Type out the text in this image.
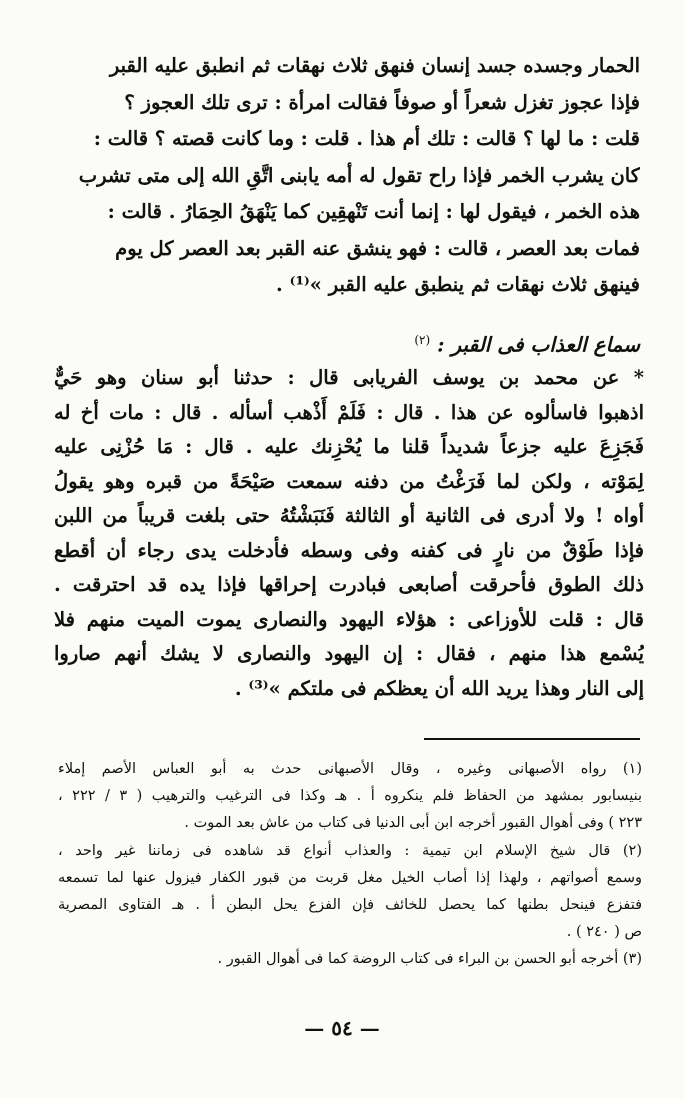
الحمار وجسده جسد إنسان فنهق ثلاث نهقات ثم انطبق عليه القبر

فإذا عجوز تغزل شعراً أو صوفاً فقالت امرأة : ترى تلك العجوز ؟

قلت : ما لها ؟ قالت : تلك أم هذا . قلت : وما كانت قصته ؟ قالت :

كان يشرب الخمر فإذا راح تقول له أمه يابنى اتَّقِ الله إلى متى تشرب

هذه الخمر ، فيقول لها : إنما أنت تَنْهقِين كما يَنْهَقُ الحِمَارُ . قالت :

فمات بعد العصر ، قالت : فهو ينشق عنه القبر بعد العصر كل يوم

فينهق ثلاث نهقات ثم ينطبق عليه القبر »⁽¹⁾ .

سماع العذاب فى القبر : $^{(٢)}$

* عن محمد بن يوسف الفريابى قال : حدثنا أبو سنان وهو حَيٌّ

اذهبوا فاسألوه عن هذا . قال : فَلَمْ أَذْهب أسأله . قال : مات أخ له

فَجَزِعَ عليه جزعاً شديداً قلنا ما يُحْزِنك عليه . قال : مَا حُزْنِى عليه

لِمَوْته ، ولكن لما فَرَغْتُ من دفنه سمعت صَيْحَةً من قبره وهو يقولُ

أواه ! ولا أدرى فى الثانية أو الثالثة فَنَبَشْتُهُ حتى بلغت قريباً من اللبن

فإذا طَوْقٌ من نارٍ فى كفنه وفى وسطه فأدخلت يدى رجاء أن أقطع

ذلك الطوق فأحرقت أصابعى فبادرت إحراقها فإذا يده قد احترقت .

قال : قلت للأوزاعى : هؤلاء اليهود والنصارى يموت الميت منهم فلا

يُسْمع هذا منهم ، فقال : إن اليهود والنصارى لا يشك أنهم صاروا

إلى النار وهذا يريد الله أن يعظكم فى ملتكم »⁽³⁾ .

(١) رواه الأصبهانى وغيره ، وقال الأصبهانى حدث به أبو العباس الأصم إملاء

بنيسابور بمشهد من الحفاظ فلم ينكروه أ . هـ وكذا فى الترغيب والترهيب ( ٣ / ٢٢٢ ،

٢٢٣ ) وفى أهوال القبور أخرجه ابن أبى الدنيا فى كتاب من عاش بعد الموت .

(٢) قال شيخ الإسلام ابن تيمية : والعذاب أنواع قد شاهده فى زماننا غير واحد ،

وسمع أصواتهم ، ولهذا إذا أصاب الخيل مغل قربت من قبور الكفار فيزول عنها لما تسمعه

فتفزع فينحل بطنها كما يحصل للخائف فإن الفزع يحل البطن أ . هـ الفتاوى المصرية

ص ( ٢٤٠ ) .

(٣) أخرجه أبو الحسن بن البراء فى كتاب الروضة كما فى أهوال القبور .

— ٥٤ —
